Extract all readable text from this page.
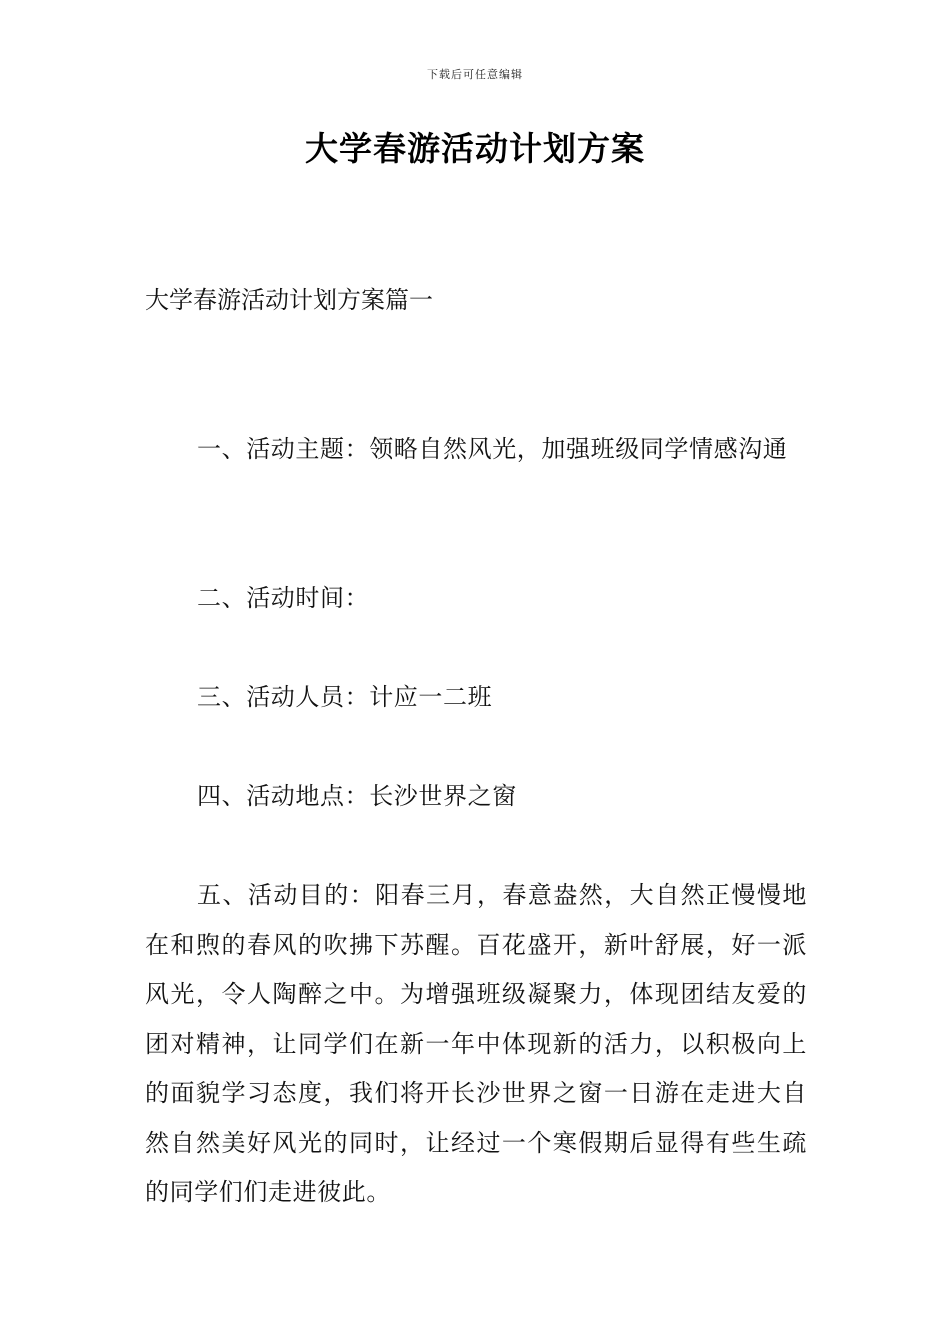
下载后可任意编辑
大学春游活动计划方案

大学春游活动计划方案篇一

一、活动主题：领略自然风光，加强班级同学情感沟通

二、活动时间：

三、活动人员：计应一二班

四、活动地点：长沙世界之窗

五、活动目的：阳春三月，春意盎然，大自然正慢慢地在和煦的春风的吹拂下苏醒。百花盛开，新叶舒展，好一派风光，令人陶醉之中。为增强班级凝聚力，体现团结友爱的团对精神，让同学们在新一年中体现新的活力，以积极向上的面貌学习态度，我们将开长沙世界之窗一日游在走进大自然自然美好风光的同时，让经过一个寒假期后显得有些生疏的同学们们走进彼此。
